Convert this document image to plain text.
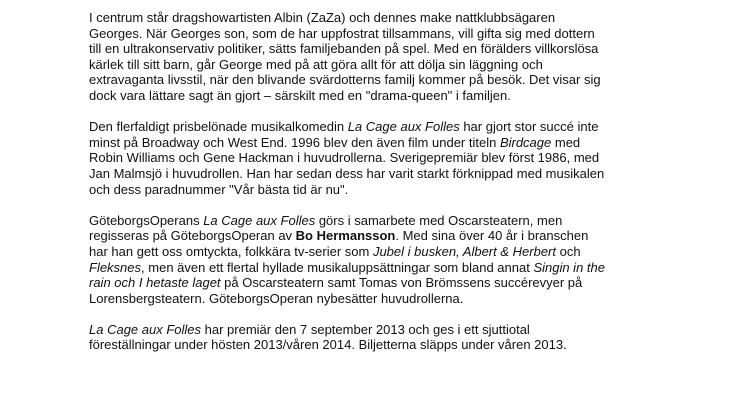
I centrum står dragshowartisten Albin (ZaZa) och dennes make nattklubbsägaren
Georges. När Georges son, som de har uppfostrat tillsammans, vill gifta sig med dottern
till en ultrakonservativ politiker, sätts familjebanden på spel. Med en förälders villkorslösa
kärlek till sitt barn, går George med på att göra allt för att dölja sin läggning och
extravaganta livsstil, när den blivande svärdotterns familj kommer på besök. Det visar sig
dock vara lättare sagt än gjort – särskilt med en "drama-queen" i familjen.

Den flerfaldigt prisbelönade musikalkomedin La Cage aux Folles har gjort stor succé inte
minst på Broadway och West End. 1996 blev den även film under titeln Birdcage med
Robin Williams och Gene Hackman i huvudrollerna. Sverigepremiär blev först 1986, med
Jan Malmsjö i huvudrollen. Han har sedan dess har varit starkt förknippad med musikalen
och dess paradnummer "Vår bästa tid är nu".

GöteborgsOperans La Cage aux Folles görs i samarbete med Oscarsteatern, men
regisseras på GöteborgsOperan av Bo Hermansson. Med sina över 40 år i branschen
har han gett oss omtyckta, folkkära tv-serier som Jubel i busken, Albert & Herbert och
Fleksnes, men även ett flertal hyllade musikaluppsättningar som bland annat Singin in the
rain och I hetaste laget på Oscarsteatern samt Tomas von Brömssens succérevyer på
Lorensbergsteatern. GöteborgsOperan nybesätter huvudrollerna.

La Cage aux Folles har premiär den 7 september 2013 och ges i ett sjuttiotal
föreställningar under hösten 2013/våren 2014. Biljetterna släpps under våren 2013.
